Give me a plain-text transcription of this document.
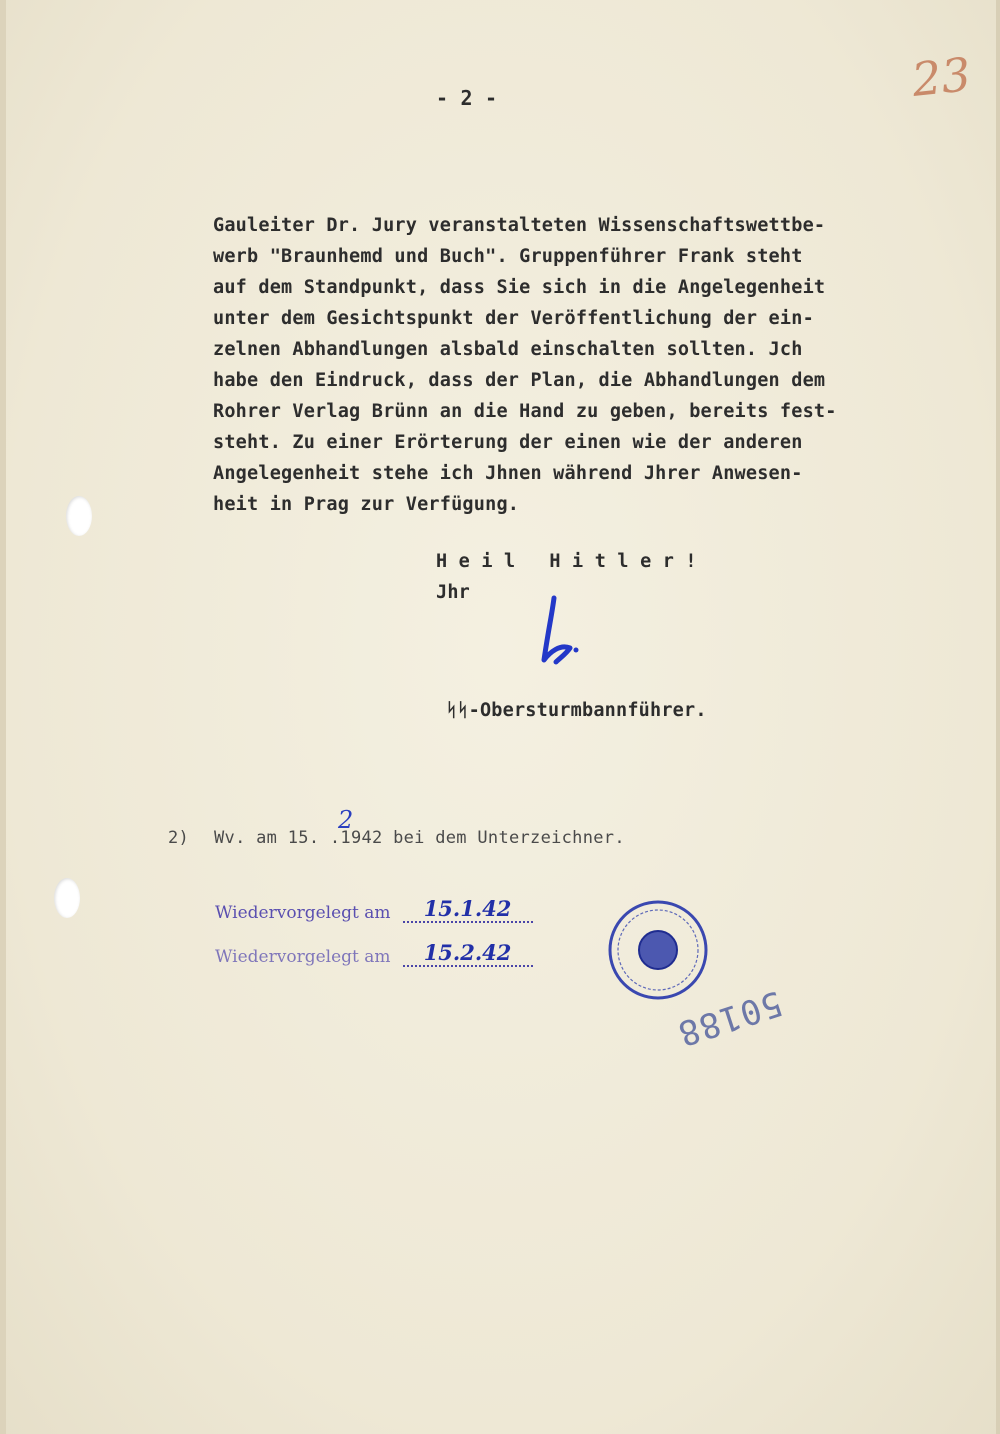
- 2 -	23
Gauleiter Dr. Jury veranstalteten Wissenschaftswettbe-
werb "Braunhemd und Buch". Gruppenführer Frank steht
auf dem Standpunkt, dass Sie sich in die Angelegenheit
unter dem Gesichtspunkt der Veröffentlichung der ein-
zelnen Abhandlungen alsbald einschalten sollten. Jch
habe den Eindruck, dass der Plan, die Abhandlungen dem
Rohrer Verlag Brünn an die Hand zu geben, bereits fest-
steht. Zu einer Erörterung der einen wie der anderen
Angelegenheit stehe ich Jhnen während Jhrer Anwesen-
heit in Prag zur Verfügung.
H e i l   H i t l e r !
Jhr
ᛋᛋ-Obersturmbannführer.

2)

Wv. am 15. .1942 bei dem Unterzeichner.

2
Wiedervorgelegt am 15.1.42
Wiedervorgelegt am 15.2.42
50188
